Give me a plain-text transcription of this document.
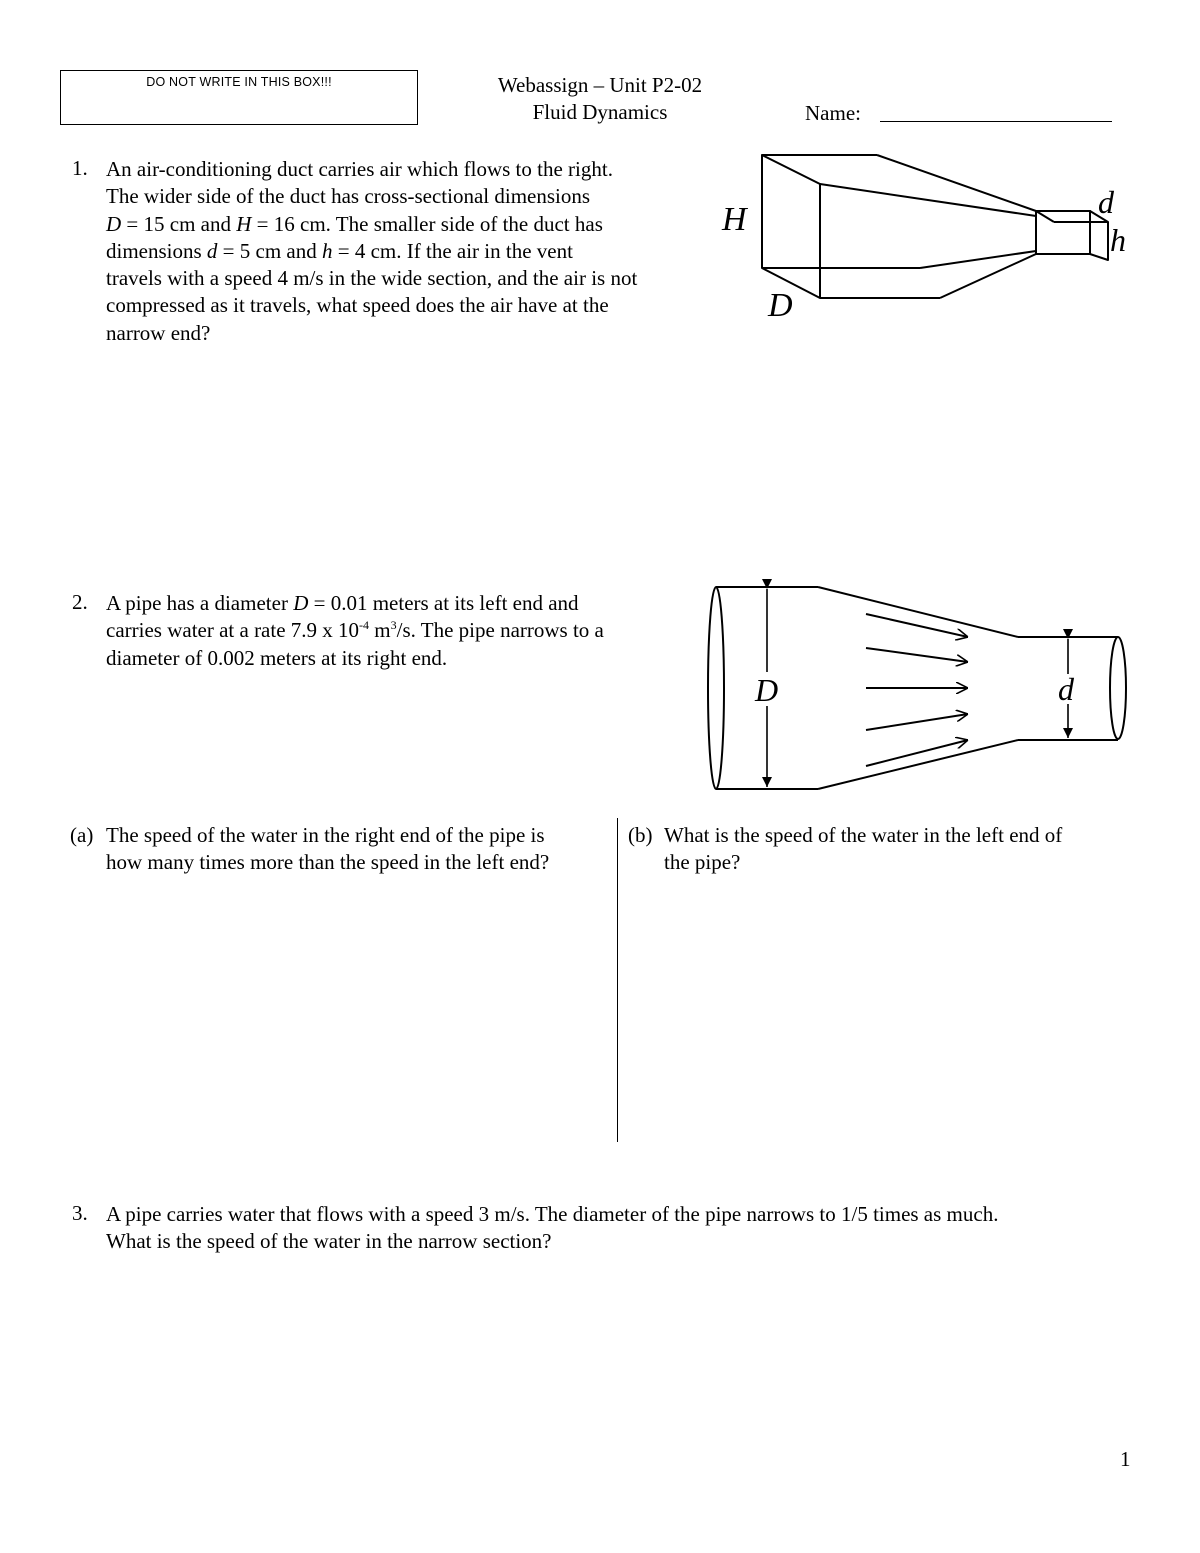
DO NOT WRITE IN THIS BOX!!!	Webassign – Unit P2-02
Fluid Dynamics	Name:
1. An air-conditioning duct carries air which flows to the right.
The wider side of the duct has cross-sectional dimensions
D = 15 cm and H = 16 cm. The smaller side of the duct has
dimensions d = 5 cm and h = 4 cm. If the air in the vent
travels with a speed 4 m/s in the wide section, and the air is not
compressed as it travels, what speed does the air have at the
narrow end?
H
D
d
h
2. A pipe has a diameter D = 0.01 meters at its left end and
carries water at a rate 7.9 x $10^{-4}$ $m^3/s$. The pipe narrows to a
diameter of 0.002 meters at its right end.
D	d
(a) The speed of the water in the right end of the pipe is
how many times more than the speed in the left end?
(b) What is the speed of the water in the left end of
the pipe?
3. A pipe carries water that flows with a speed 3 m/s. The diameter of the pipe narrows to 1/5 times as much.
What is the speed of the water in the narrow section?
1
